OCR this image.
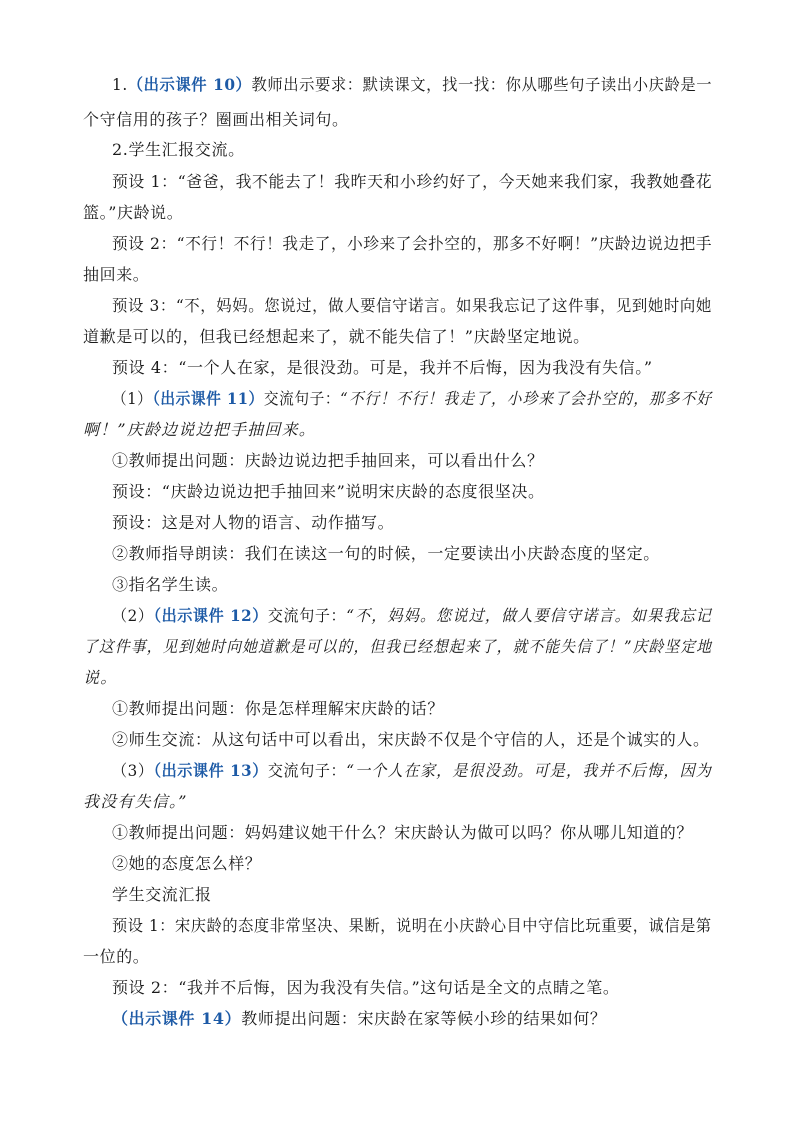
1.（出示课件 10）教师出示要求：默读课文，找一找：你从哪些句子读出小庆龄是一
个守信用的孩子？圈画出相关词句。
2.学生汇报交流。
预设 1：“爸爸，我不能去了！我昨天和小珍约好了，今天她来我们家，我教她叠花
篮。”庆龄说。
预设 2：“不行！不行！我走了，小珍来了会扑空的，那多不好啊！”庆龄边说边把手
抽回来。
预设 3：“不，妈妈。您说过，做人要信守诺言。如果我忘记了这件事，见到她时向她
道歉是可以的，但我已经想起来了，就不能失信了！”庆龄坚定地说。
预设 4：“一个人在家，是很没劲。可是，我并不后悔，因为我没有失信。”
（1）（出示课件 11）交流句子：“不行！不行！我走了，小珍来了会扑空的，那多不好
啊！”庆龄边说边把手抽回来。
①教师提出问题：庆龄边说边把手抽回来，可以看出什么？
预设：“庆龄边说边把手抽回来”说明宋庆龄的态度很坚决。
预设：这是对人物的语言、动作描写。
②教师指导朗读：我们在读这一句的时候，一定要读出小庆龄态度的坚定。
③指名学生读。
（2）（出示课件 12）交流句子：“不，妈妈。您说过，做人要信守诺言。如果我忘记
了这件事，见到她时向她道歉是可以的，但我已经想起来了，就不能失信了！”庆龄坚定地
说。
①教师提出问题：你是怎样理解宋庆龄的话？
②师生交流：从这句话中可以看出，宋庆龄不仅是个守信的人，还是个诚实的人。
（3）（出示课件 13）交流句子：“一个人在家，是很没劲。可是，我并不后悔，因为
我没有失信。”
①教师提出问题：妈妈建议她干什么？宋庆龄认为做可以吗？你从哪儿知道的？
②她的态度怎么样？
学生交流汇报
预设 1：宋庆龄的态度非常坚决、果断，说明在小庆龄心目中守信比玩重要，诚信是第
一位的。
预设 2：“我并不后悔，因为我没有失信。”这句话是全文的点睛之笔。
（出示课件 14）教师提出问题：宋庆龄在家等候小珍的结果如何？
